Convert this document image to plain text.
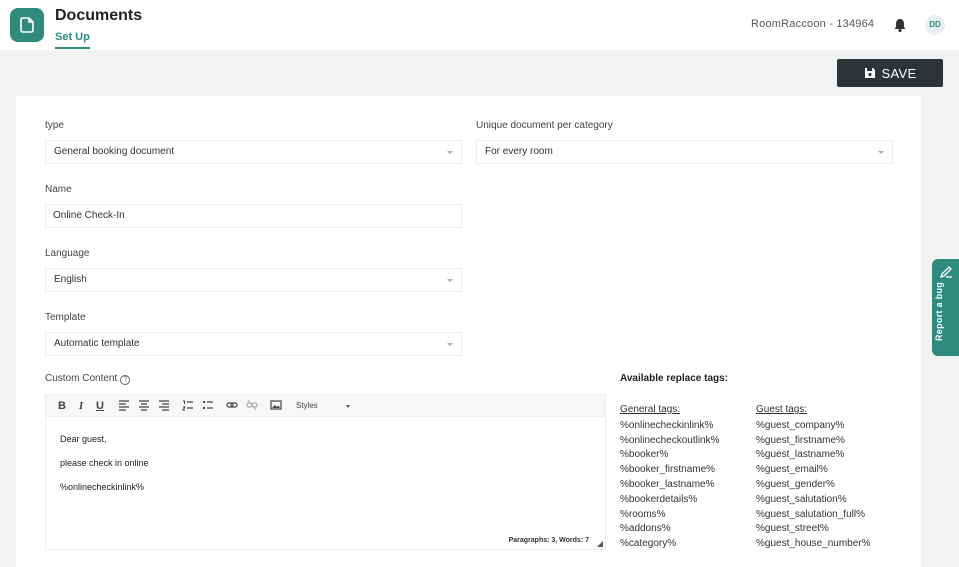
Documents
Set Up
RoomRaccoon - 134964	DD
SAVE
type
General booking document
Unique document per category
For every room
Name
Online Check-In
Language
English
Template
Automatic template
Custom Content ?
B	I	U	Styles

Dear guest,

please check in online

%onlinecheckinlink%

Paragraphs: 3, Words: 7
Available replace tags:
General tags:
%onlinecheckinlink%
%onlinecheckoutlink%
%booker%
%booker_firstname%
%booker_lastname%
%bookerdetails%
%rooms%
%addons%
%category%
Guest tags:
%guest_company%
%guest_firstname%
%guest_lastname%
%guest_email%
%guest_gender%
%guest_salutation%
%guest_salutation_full%
%guest_street%
%guest_house_number%
Report a bug
